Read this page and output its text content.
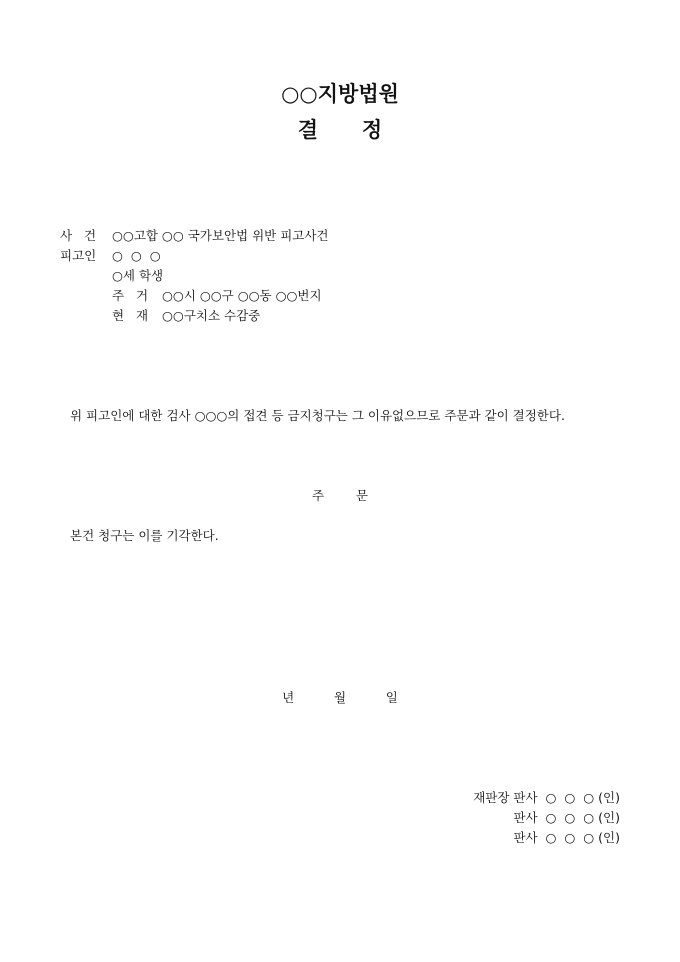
○○지방법원
결      정
사   건 ○○고합 ○○ 국가보안법 위반 피고사건
피고인 ○  ○  ○
○세 학생
주   거 ○○시 ○○구 ○○동 ○○번지
현   재 ○○구치소 수감중
위 피고인에 대한 검사 ○○○의 접견 등 금지청구는 그 이유없으므로 주문과 같이 결정한다.
주        문
본건 청구는 이를 기각한다.
년          월          일

재판장 판사 ○  ○  ○ (인)

판사 ○  ○  ○ (인)

판사 ○  ○  ○ (인)
